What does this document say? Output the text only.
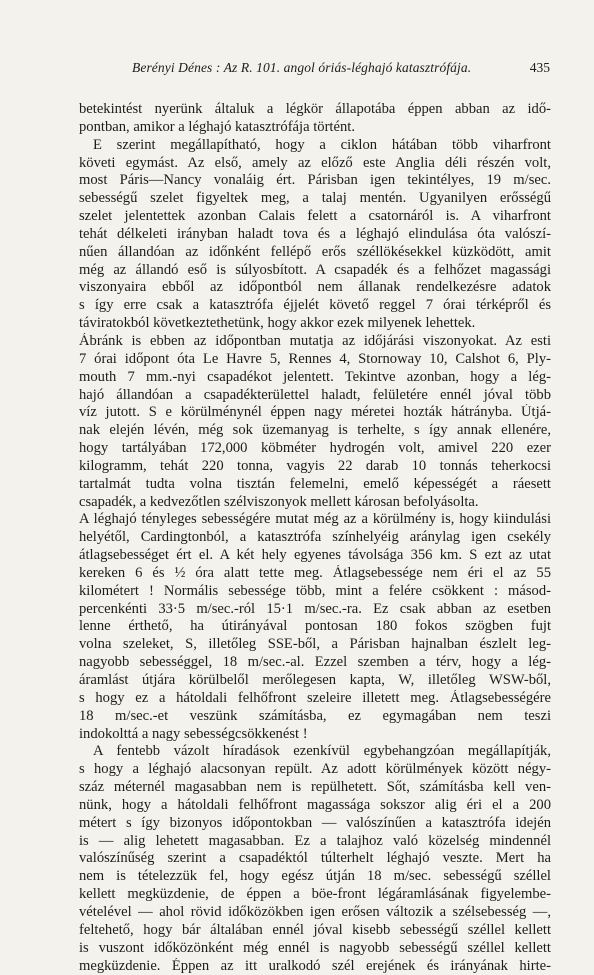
Berényi Dénes : Az R. 101. angol óriás-léghajó katasztrófája.	435
betekintést nyerünk általuk a légkör állapotába éppen abban az idő-
pontban, amikor a léghajó katasztrófája történt.
E szerint megállapítható, hogy a ciklon hátában több viharfront
követi egymást. Az első, amely az előző este Anglia déli részén volt,
most Páris—Nancy vonaláig ért. Párisban igen tekintélyes, 19 m/sec.
sebességű szelet figyeltek meg, a talaj mentén. Ugyanilyen erősségű
szelet jelentettek azonban Calais felett a csatornáról is. A viharfront
tehát délkeleti irányban haladt tova és a léghajó elindulása óta valószí-
nűen állandóan az időnként fellépő erős széllökésekkel küzködött, amit
még az állandó eső is súlyosbított. A csapadék és a felhőzet magassági
viszonyaira ebből az időpontból nem állanak rendelkezésre adatok
s így erre csak a katasztrófa éjjelét követő reggel 7 órai térképről és
táviratokból következtethetünk, hogy akkor ezek milyenek lehettek.
Ábránk is ebben az időpontban mutatja az időjárási viszonyokat. Az esti
7 órai időpont óta Le Havre 5, Rennes 4, Stornoway 10, Calshot 6, Ply-
mouth 7 mm.-nyi csapadékot jelentett. Tekintve azonban, hogy a lég-
hajó állandóan a csapadékterülettel haladt, felületére ennél jóval több
víz jutott. S e körülménynél éppen nagy méretei hozták hátrányba. Útjá-
nak elején lévén, még sok üzemanyag is terhelte, s így annak ellenére,
hogy tartályában 172,000 köbméter hydrogén volt, amivel 220 ezer
kilogramm, tehát 220 tonna, vagyis 22 darab 10 tonnás teherkocsi
tartalmát tudta volna tisztán felemelni, emelő képességét a ráesett
csapadék, a kedvezőtlen szélviszonyok mellett károsan befolyásolta.
A léghajó tényleges sebességére mutat még az a körülmény is, hogy kiindulási
helyétől, Cardingtonból, a katasztrófa színhelyéig aránylag igen csekély
átlagsebességet ért el. A két hely egyenes távolsága 356 km. S ezt az utat
kereken 6 és ½ óra alatt tette meg. Átlagsebessége nem éri el az 55
kilométert ! Normális sebessége több, mint a felére csökkent : másod-
percenkénti 33·5 m/sec.-ról 15·1 m/sec.-ra. Ez csak abban az esetben
lenne érthető, ha útirányával pontosan 180 fokos szögben fujt
volna szeleket, S, illetőleg SSE-ből, a Párisban hajnalban észlelt leg-
nagyobb sebességgel, 18 m/sec.-al. Ezzel szemben a térv, hogy a lég-
áramlást útjára körülbelől merőlegesen kapta, W, illetőleg WSW-ből,
s hogy ez a hátoldali felhőfront szeleire illetett meg. Átlagsebességére
18 m/sec.-et veszünk számításba, ez egymagában nem teszi
indokolttá a nagy sebességcsökkenést !
A fentebb vázolt híradások ezenkívül egybehangzóan megállapítják,
s hogy a léghajó alacsonyan repült. Az adott körülmények között négy-
száz méternél magasabban nem is repülhetett. Sőt, számításba kell ven-
nünk, hogy a hátoldali felhőfront magassága sokszor alig éri el a 200
métert s így bizonyos időpontokban — valószínűen a katasztrófa idején
is — alig lehetett magasabban. Ez a talajhoz való közelség mindennél
valószínűség szerint a csapadéktól túlterhelt léghajó veszte. Mert ha
nem is tételezzük fel, hogy egész útján 18 m/sec. sebességű széllel
kellett megküzdenie, de éppen a böe-front légáramlásának figyelembe-
vételével — ahol rövid időközökben igen erősen változik a szélsebesség —,
feltehető, hogy bár általában ennél jóval kisebb sebességű széllel kellett
is vuszont időközönként még ennél is nagyobb sebességű széllel kellett
megküzdenie. Éppen az itt uralkodó szél erejének és irányának hirte-
